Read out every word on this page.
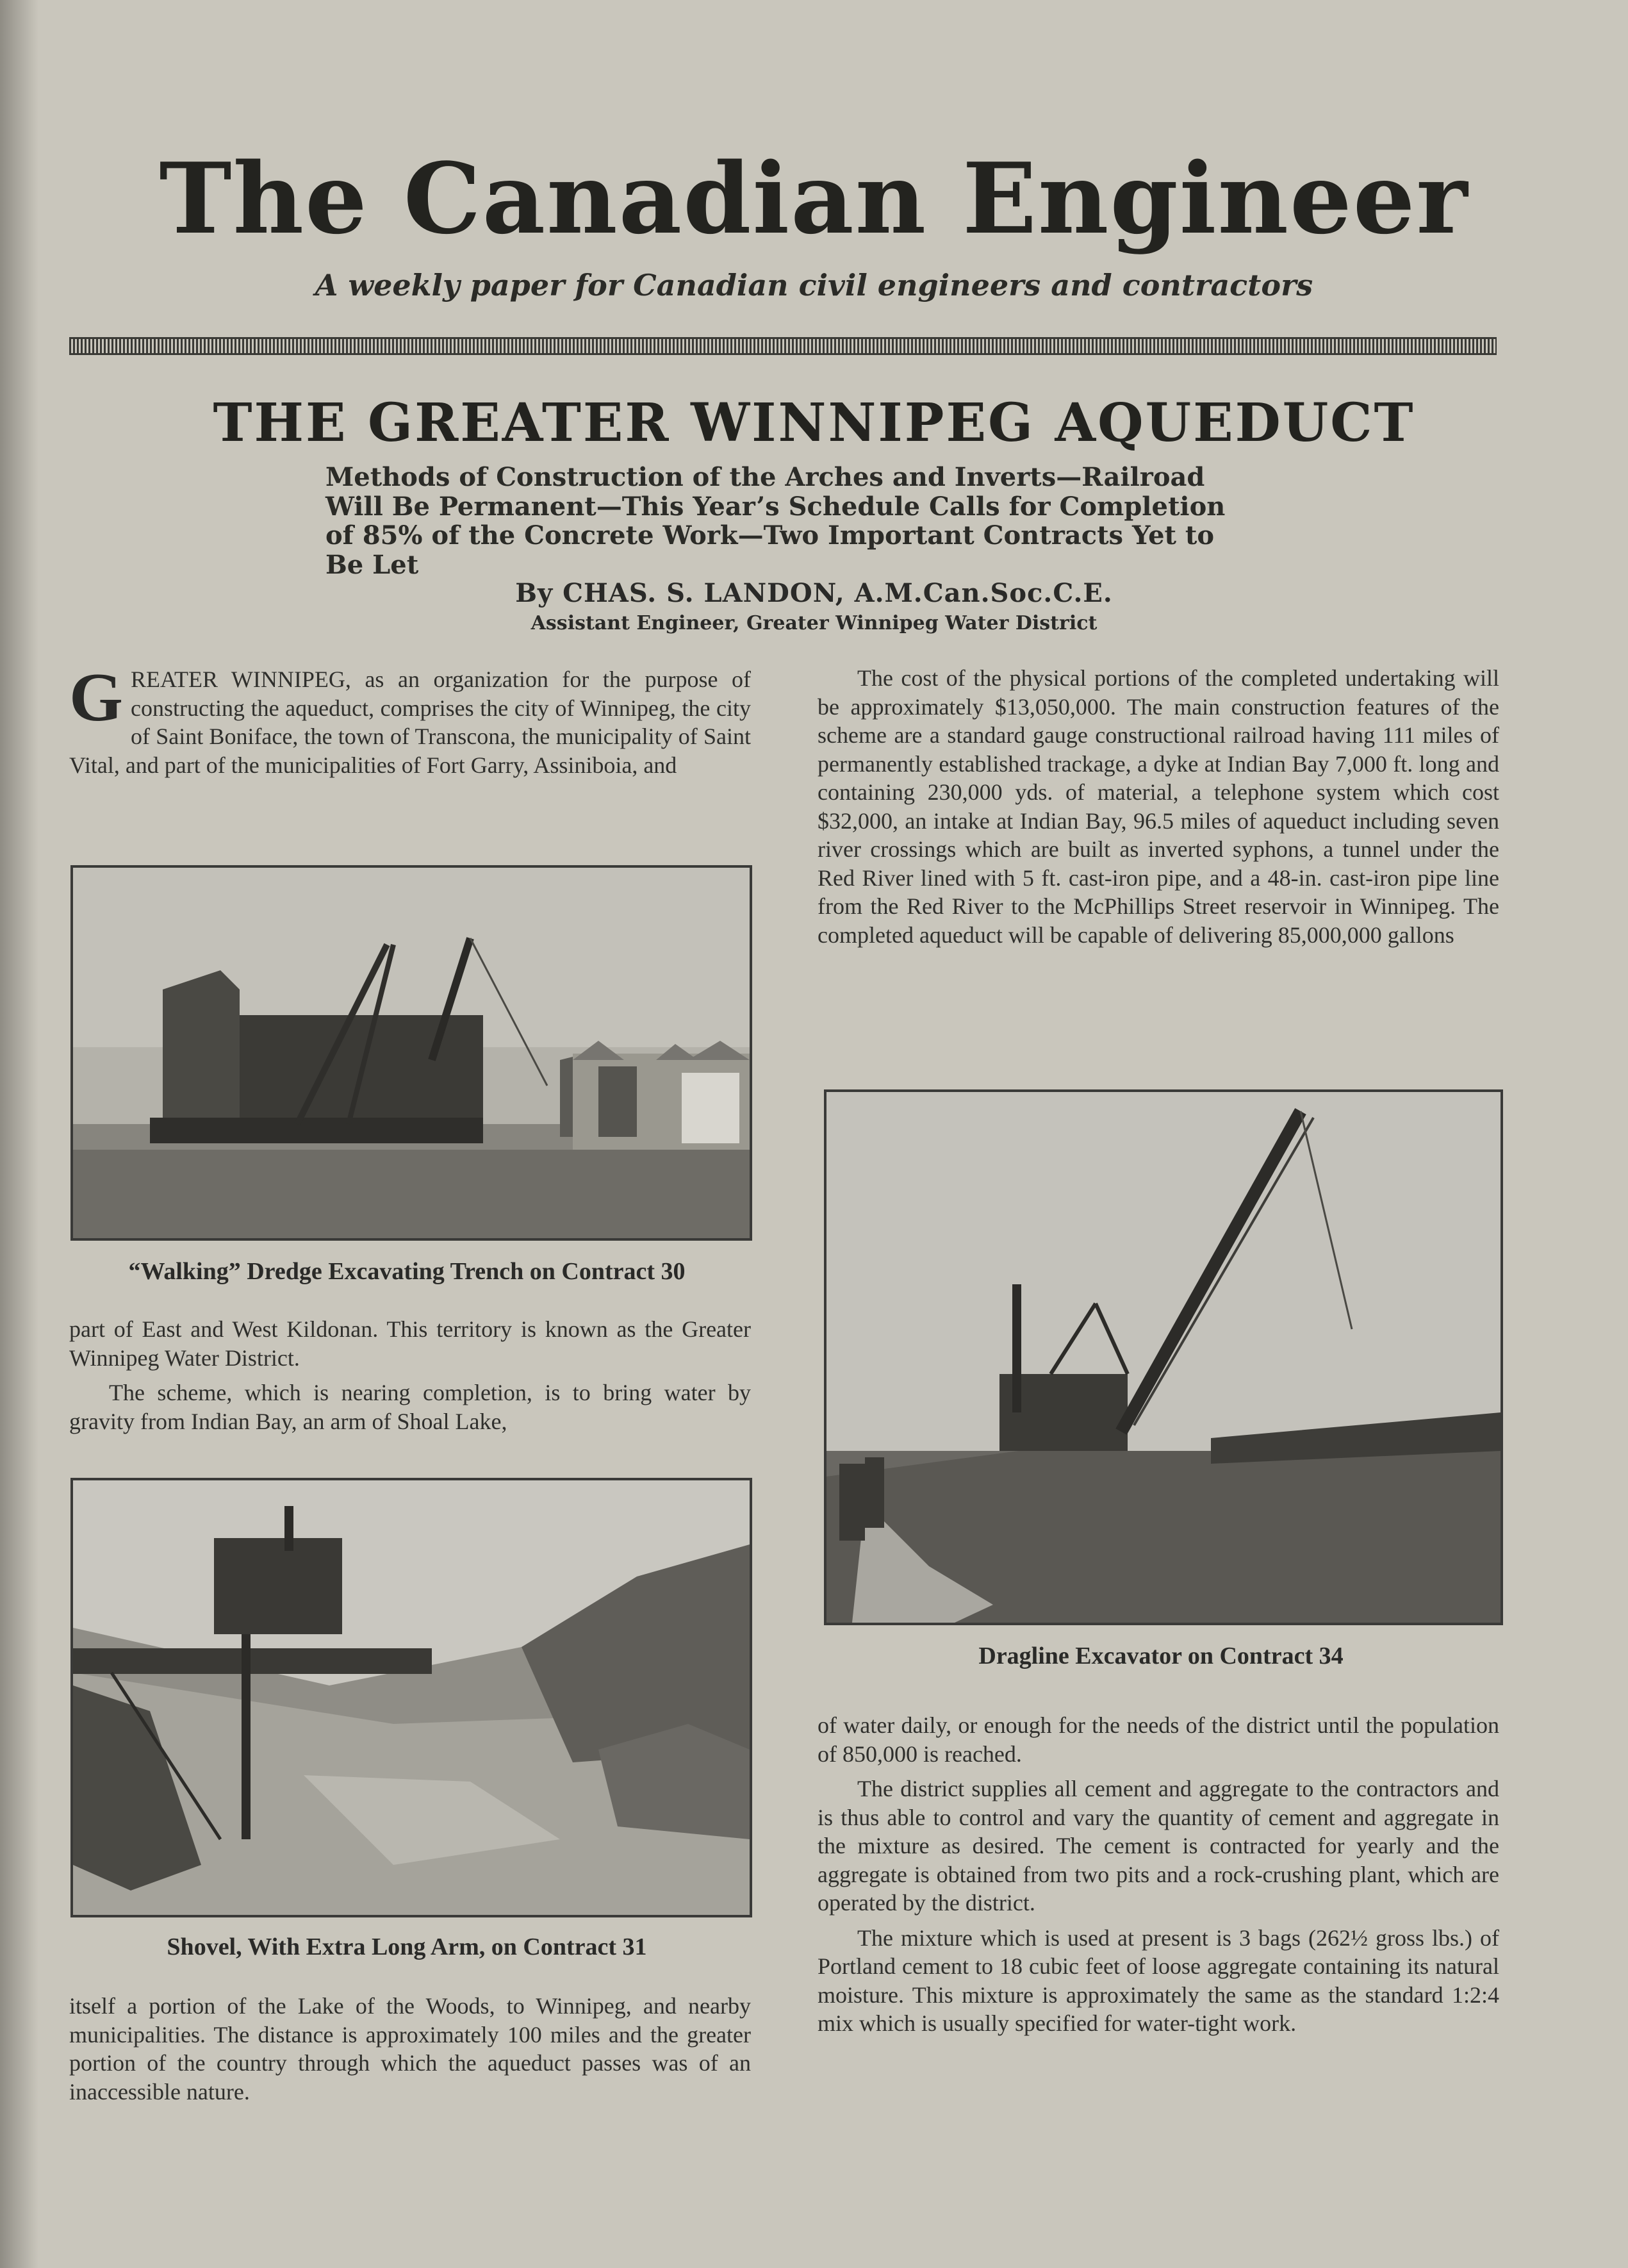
The Canadian Engineer
A weekly paper for Canadian civil engineers and contractors
THE GREATER WINNIPEG AQUEDUCT
Methods of Construction of the Arches and Inverts—Railroad Will Be Permanent—This Year’s Schedule Calls for Completion of 85% of the Concrete Work—Two Important Contracts Yet to Be Let
By CHAS. S. LANDON, A.M.Can.Soc.C.E.
Assistant Engineer, Greater Winnipeg Water District
G REATER WINNIPEG, as an organization for the purpose of constructing the aqueduct, comprises the city of Winnipeg, the city of Saint Boniface, the town of Transcona, the municipality of Saint Vital, and part of the municipalities of Fort Garry, Assiniboia, and

“Walking” Dredge Excavating Trench on Contract 30

part of East and West Kildonan. This territory is known as the Greater Winnipeg Water District.

The scheme, which is nearing completion, is to bring water by gravity from Indian Bay, an arm of Shoal Lake,

Shovel, With Extra Long Arm, on Contract 31

itself a portion of the Lake of the Woods, to Winnipeg, and nearby municipalities. The distance is approximately 100 miles and the greater portion of the country through which the aqueduct passes was of an inaccessible nature.

The cost of the physical portions of the completed undertaking will be approximately $13,050,000. The main construction features of the scheme are a standard gauge constructional railroad having 111 miles of permanently established trackage, a dyke at Indian Bay 7,000 ft. long and containing 230,000 yds. of material, a telephone system which cost $32,000, an intake at Indian Bay, 96.5 miles of aqueduct including seven river crossings which are built as inverted syphons, a tunnel under the Red River lined with 5 ft. cast-iron pipe, and a 48-in. cast-iron pipe line from the Red River to the McPhillips Street reservoir in Winnipeg. The completed aqueduct will be capable of delivering 85,000,000 gallons

Dragline Excavator on Contract 34

of water daily, or enough for the needs of the district until the population of 850,000 is reached.

The district supplies all cement and aggregate to the contractors and is thus able to control and vary the quantity of cement and aggregate in the mixture as desired. The cement is contracted for yearly and the aggregate is obtained from two pits and a rock-crushing plant, which are operated by the district.

The mixture which is used at present is 3 bags (262½ gross lbs.) of Portland cement to 18 cubic feet of loose aggregate containing its natural moisture. This mixture is approximately the same as the standard 1:2:4 mix which is usually specified for water-tight work.
